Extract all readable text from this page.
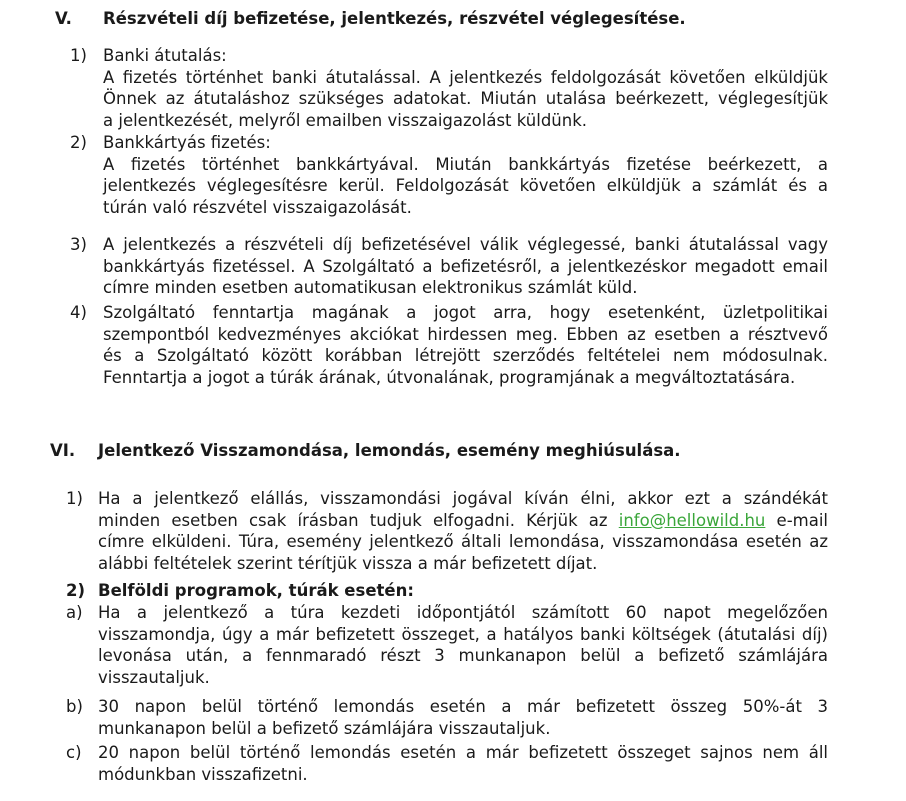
V. Részvételi díj befizetése, jelentkezés, részvétel véglegesítése.
1) Banki átutalás:
A fizetés történhet banki átutalással. A jelentkezés feldolgozását követően elküldjük
Önnek az átutaláshoz szükséges adatokat. Miután utalása beérkezett, véglegesítjük
a jelentkezését, melyről emailben visszaigazolást küldünk.
2) Bankkártyás fizetés:
A fizetés történhet bankkártyával. Miután bankkártyás fizetése beérkezett, a
jelentkezés véglegesítésre kerül. Feldolgozását követően elküldjük a számlát és a
túrán való részvétel visszaigazolását.
3) A jelentkezés a részvételi díj befizetésével válik véglegessé, banki átutalással vagy
bankkártyás fizetéssel. A Szolgáltató a befizetésről, a jelentkezéskor megadott email
címre minden esetben automatikusan elektronikus számlát küld.
4) Szolgáltató fenntartja magának a jogot arra, hogy esetenként, üzletpolitikai
szempontból kedvezményes akciókat hirdessen meg. Ebben az esetben a résztvevő
és a Szolgáltató között korábban létrejött szerződés feltételei nem módosulnak.
Fenntartja a jogot a túrák árának, útvonalának, programjának a megváltoztatására.
VI. Jelentkező Visszamondása, lemondás, esemény meghiúsulása.
1) Ha a jelentkező elállás, visszamondási jogával kíván élni, akkor ezt a szándékát
minden esetben csak írásban tudjuk elfogadni. Kérjük az info@hellowild.hu e-mail
címre elküldeni. Túra, esemény jelentkező általi lemondása, visszamondása esetén az
alábbi feltételek szerint térítjük vissza a már befizetett díjat.
2) Belföldi programok, túrák esetén:
a) Ha a jelentkező a túra kezdeti időpontjától számított 60 napot megelőzően
visszamondja, úgy a már befizetett összeget, a hatályos banki költségek (átutalási díj)
levonása után, a fennmaradó részt 3 munkanapon belül a befizető számlájára
visszautaljuk.
b) 30 napon belül történő lemondás esetén a már befizetett összeg 50%-át 3
munkanapon belül a befizető számlájára visszautaljuk.
c) 20 napon belül történő lemondás esetén a már befizetett összeget sajnos nem áll
módunkban visszafizetni.
